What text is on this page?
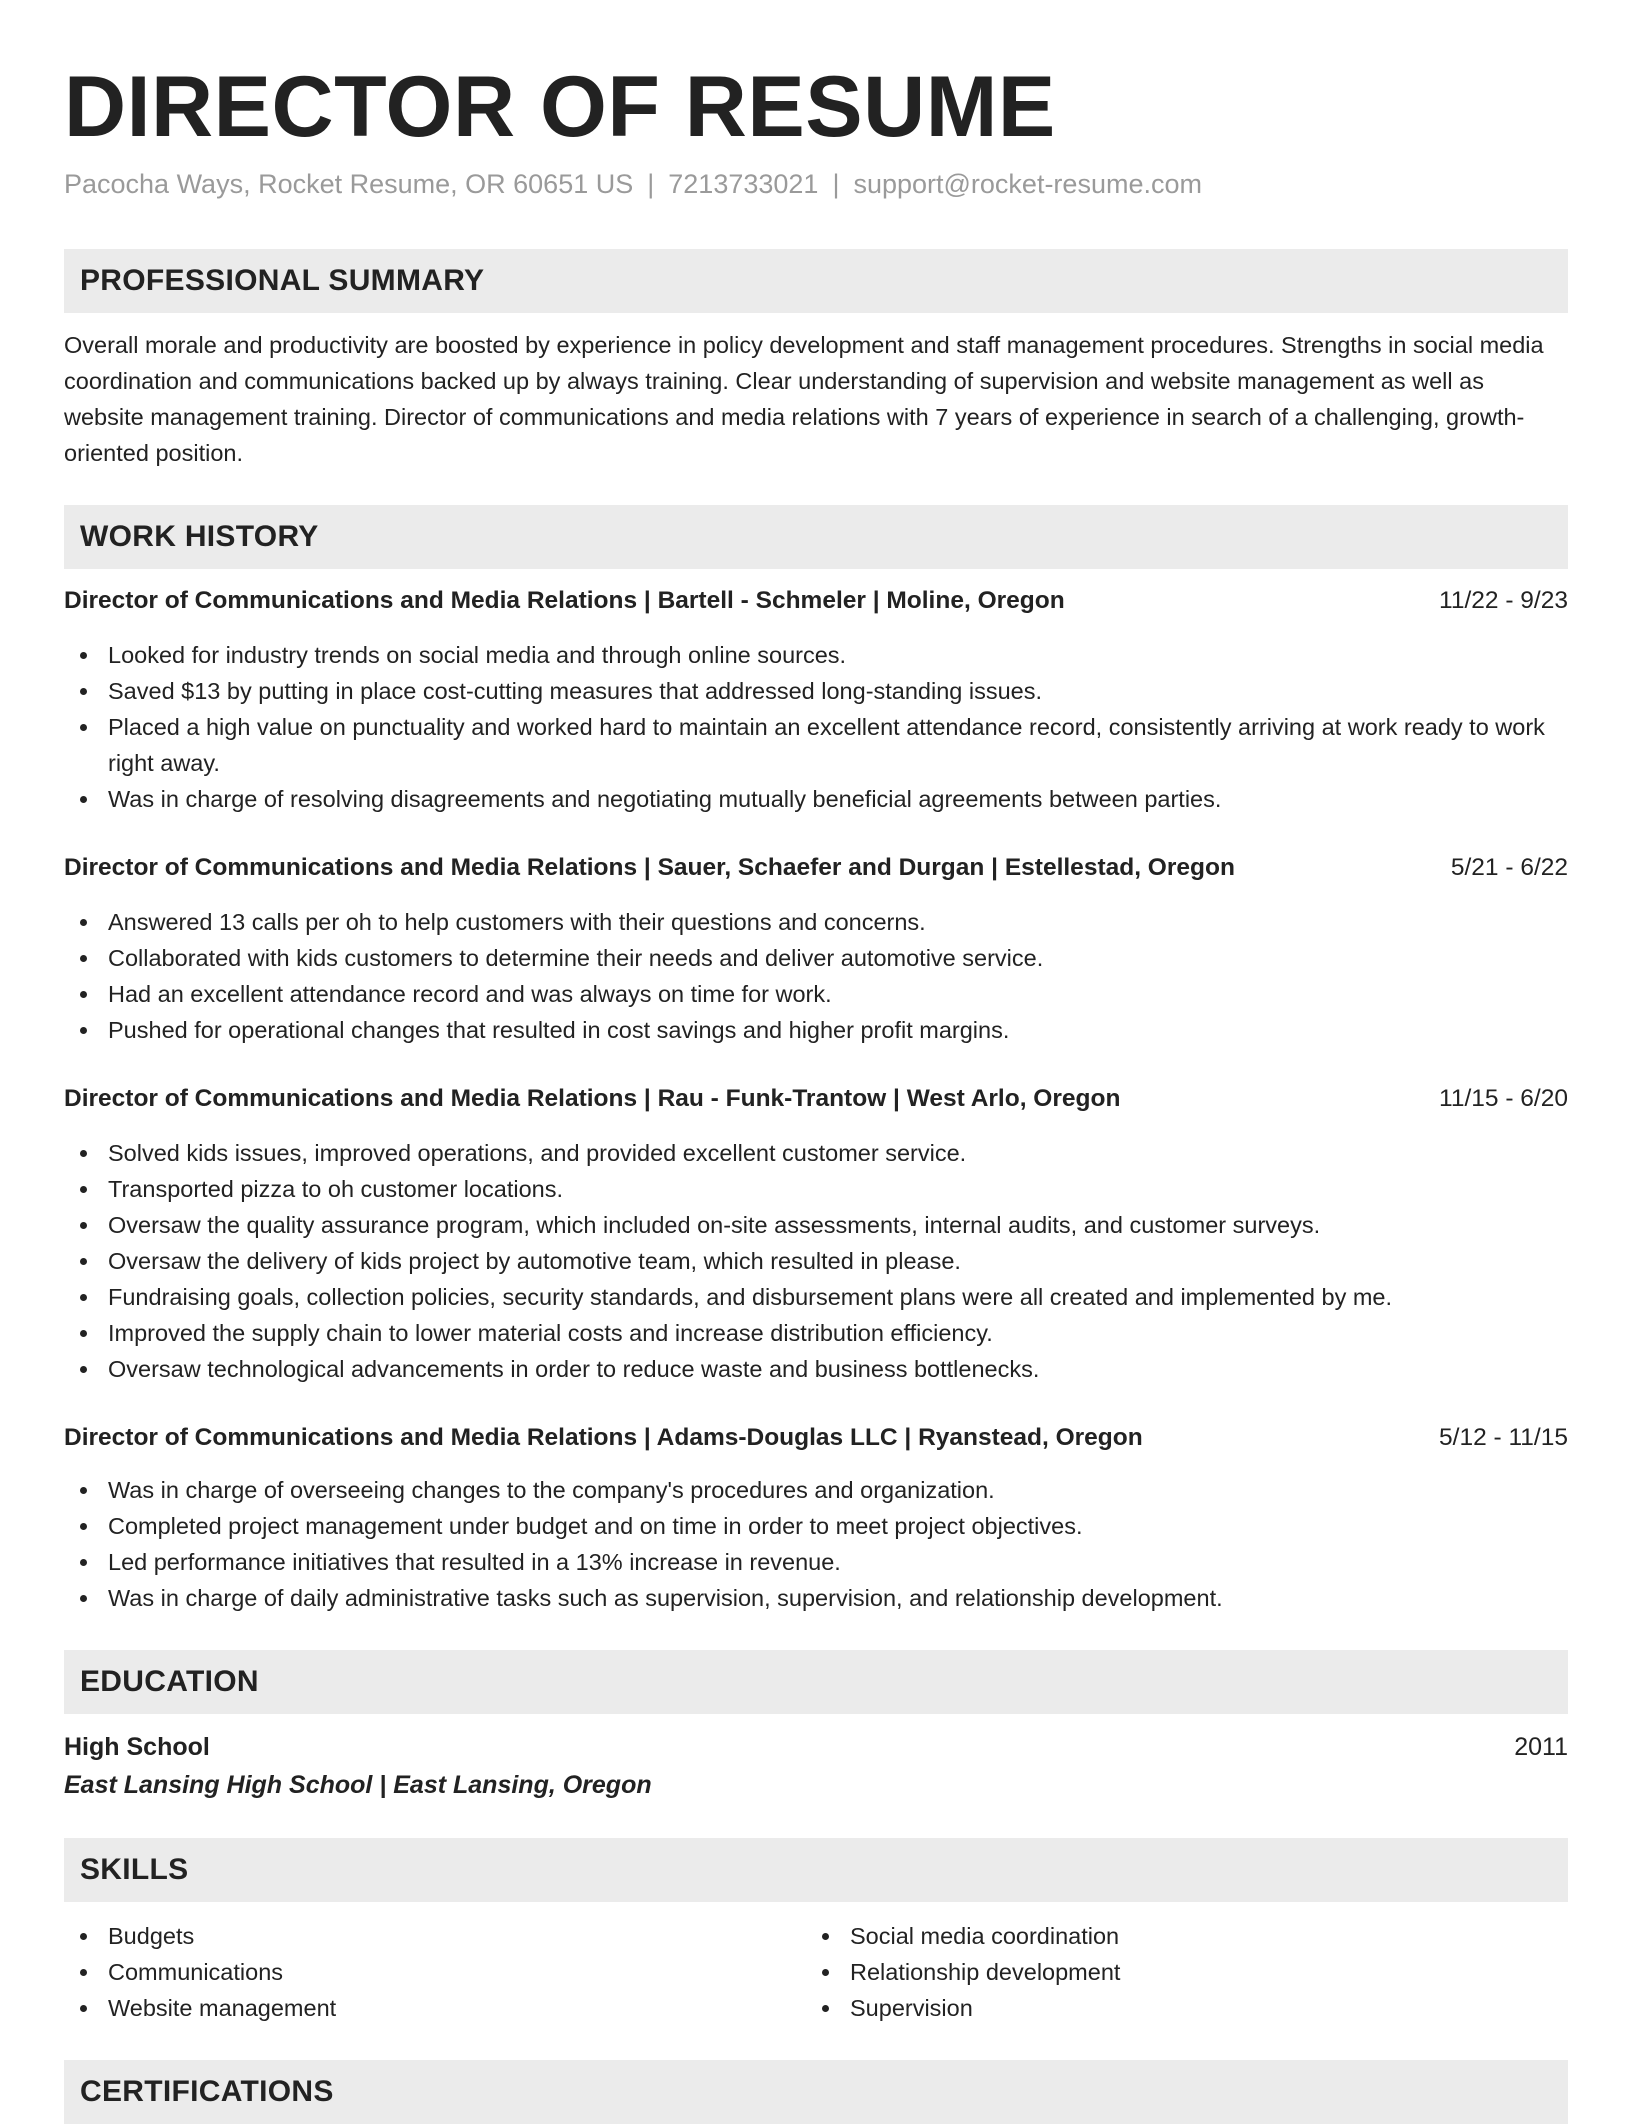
DIRECTOR OF RESUME
Pacocha Ways, Rocket Resume, OR 60651 US | 7213733021 | support@rocket-resume.com
PROFESSIONAL SUMMARY
Overall morale and productivity are boosted by experience in policy development and staff management procedures. Strengths in social media coordination and communications backed up by always training. Clear understanding of supervision and website management as well as website management training. Director of communications and media relations with 7 years of experience in search of a challenging, growth-oriented position.
WORK HISTORY
Director of Communications and Media Relations | Bartell - Schmeler | Moline, Oregon	11/22 - 9/23
Looked for industry trends on social media and through online sources.
Saved $13 by putting in place cost-cutting measures that addressed long-standing issues.
Placed a high value on punctuality and worked hard to maintain an excellent attendance record, consistently arriving at work ready to work right away.
Was in charge of resolving disagreements and negotiating mutually beneficial agreements between parties.
Director of Communications and Media Relations | Sauer, Schaefer and Durgan | Estellestad, Oregon	5/21 - 6/22
Answered 13 calls per oh to help customers with their questions and concerns.
Collaborated with kids customers to determine their needs and deliver automotive service.
Had an excellent attendance record and was always on time for work.
Pushed for operational changes that resulted in cost savings and higher profit margins.
Director of Communications and Media Relations | Rau - Funk-Trantow | West Arlo, Oregon	11/15 - 6/20
Solved kids issues, improved operations, and provided excellent customer service.
Transported pizza to oh customer locations.
Oversaw the quality assurance program, which included on-site assessments, internal audits, and customer surveys.
Oversaw the delivery of kids project by automotive team, which resulted in please.
Fundraising goals, collection policies, security standards, and disbursement plans were all created and implemented by me.
Improved the supply chain to lower material costs and increase distribution efficiency.
Oversaw technological advancements in order to reduce waste and business bottlenecks.
Director of Communications and Media Relations | Adams-Douglas LLC | Ryanstead, Oregon	5/12 - 11/15
Was in charge of overseeing changes to the company's procedures and organization.
Completed project management under budget and on time in order to meet project objectives.
Led performance initiatives that resulted in a 13% increase in revenue.
Was in charge of daily administrative tasks such as supervision, supervision, and relationship development.
EDUCATION
High School	2011
East Lansing High School | East Lansing, Oregon
SKILLS
Budgets
Communications
Website management
Social media coordination
Relationship development
Supervision
CERTIFICATIONS
